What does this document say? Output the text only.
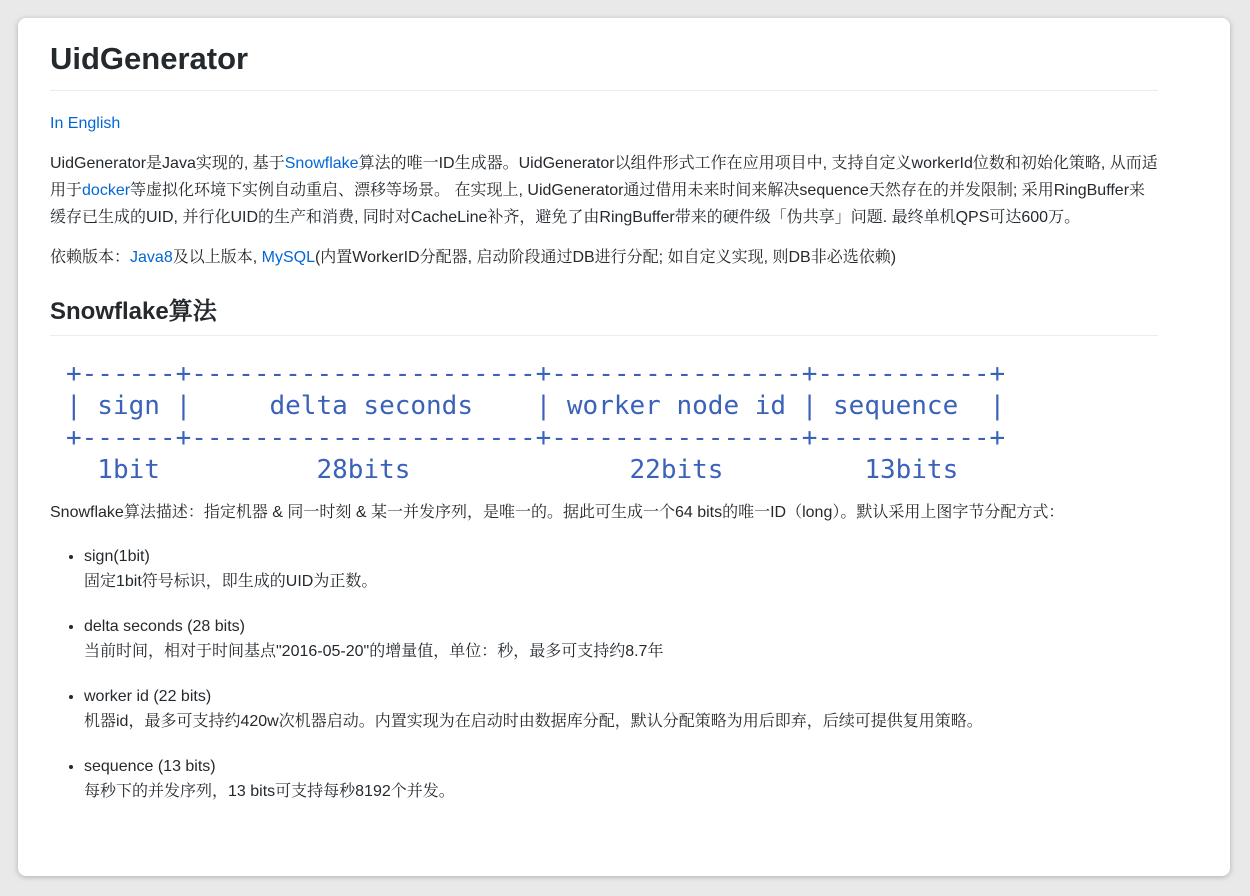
UidGenerator

In English

UidGenerator是Java实现的, 基于Snowflake算法的唯一ID生成器。UidGenerator以组件形式工作在应用项目中, 支持自定义workerId位数和初始化策略, 从而适用于docker等虚拟化环境下实例自动重启、漂移等场景。 在实现上, UidGenerator通过借用未来时间来解决sequence天然存在的并发限制; 采用RingBuffer来缓存已生成的UID, 并行化UID的生产和消费, 同时对CacheLine补齐，避免了由RingBuffer带来的硬件级「伪共享」问题. 最终单机QPS可达600万。

依赖版本：Java8及以上版本, MySQL(内置WorkerID分配器, 启动阶段通过DB进行分配; 如自定义实现, 则DB非必选依赖)

Snowflake算法
+------+----------------------+----------------+-----------+
| sign |     delta seconds    | worker node id | sequence  |
+------+----------------------+----------------+-----------+
1bit          28bits              22bits         13bits

Snowflake算法描述：指定机器 & 同一时刻 & 某一并发序列，是唯一的。据此可生成一个64 bits的唯一ID（long）。默认采用上图字节分配方式：

• sign(1bit)
固定1bit符号标识，即生成的UID为正数。
• delta seconds (28 bits)
当前时间，相对于时间基点"2016-05-20"的增量值，单位：秒，最多可支持约8.7年
• worker id (22 bits)
机器id，最多可支持约420w次机器启动。内置实现为在启动时由数据库分配，默认分配策略为用后即弃，后续可提供复用策略。
• sequence (13 bits)
每秒下的并发序列，13 bits可支持每秒8192个并发。
